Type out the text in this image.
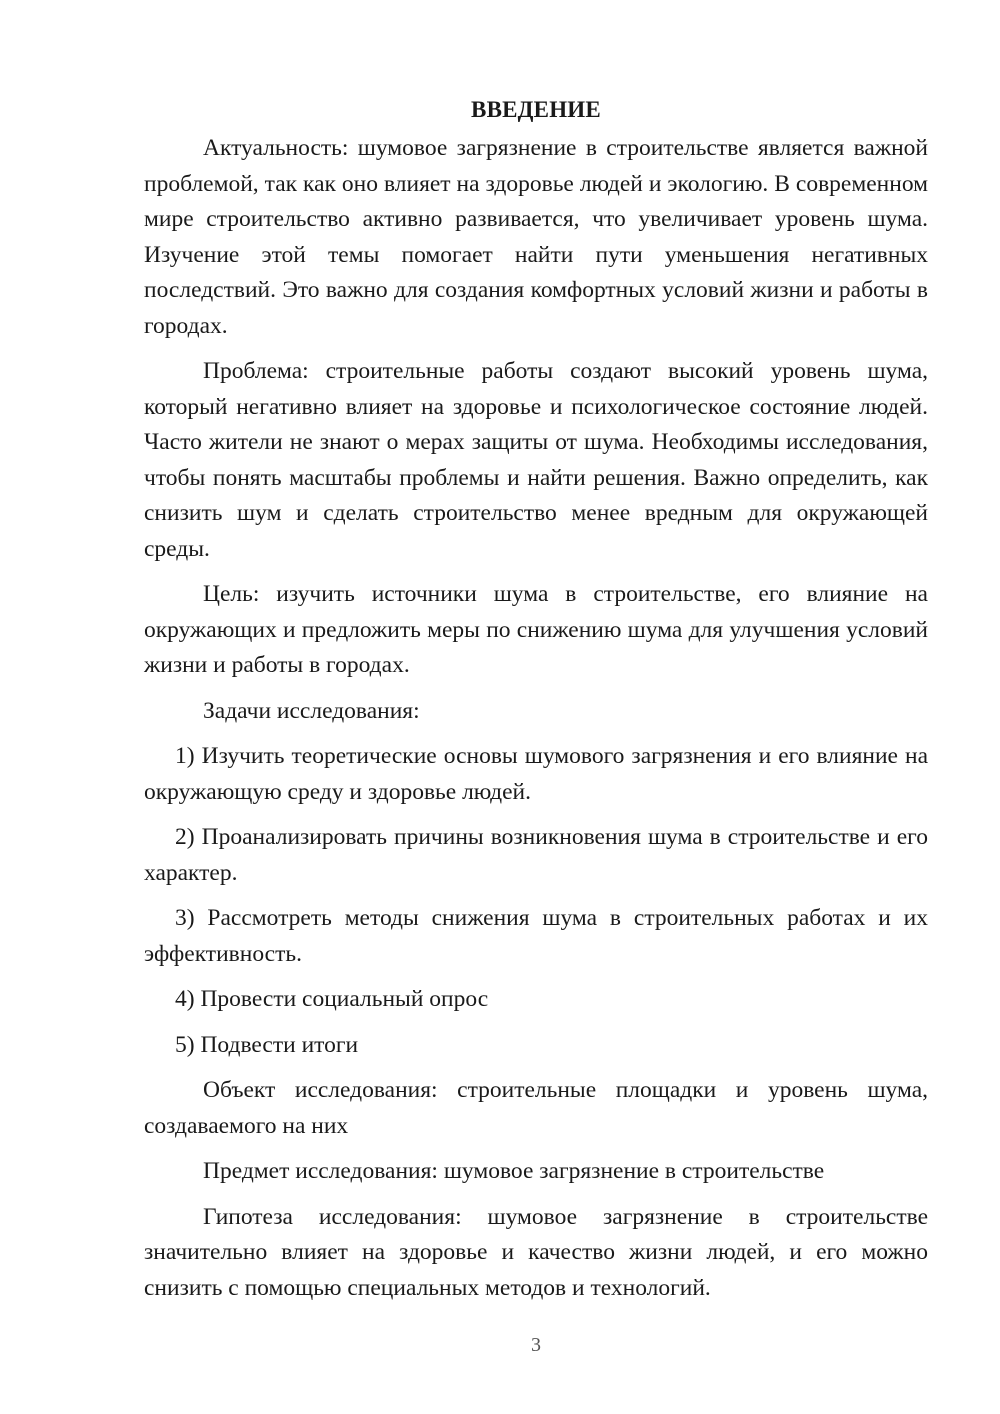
ВВЕДЕНИЕ

Актуальность: шумовое загрязнение в строительстве является важной проблемой, так как оно влияет на здоровье людей и экологию. В современном мире строительство активно развивается, что увеличивает уровень шума. Изучение этой темы помогает найти пути уменьшения негативных последствий. Это важно для создания комфортных условий жизни и работы в городах.

Проблема: строительные работы создают высокий уровень шума, который негативно влияет на здоровье и психологическое состояние людей. Часто жители не знают о мерах защиты от шума. Необходимы исследования, чтобы понять масштабы проблемы и найти решения. Важно определить, как снизить шум и сделать строительство менее вредным для окружающей среды.

Цель: изучить источники шума в строительстве, его влияние на окружающих и предложить меры по снижению шума для улучшения условий жизни и работы в городах.

Задачи исследования:

1) Изучить теоретические основы шумового загрязнения и его влияние на окружающую среду и здоровье людей.

2) Проанализировать причины возникновения шума в строительстве и его характер.

3) Рассмотреть методы снижения шума в строительных работах и их эффективность.

4) Провести социальный опрос

5) Подвести итоги

Объект исследования: строительные площадки и уровень шума, создаваемого на них

Предмет исследования: шумовое загрязнение в строительстве

Гипотеза исследования: шумовое загрязнение в строительстве значительно влияет на здоровье и качество жизни людей, и его можно снизить с помощью специальных методов и технологий.

3
